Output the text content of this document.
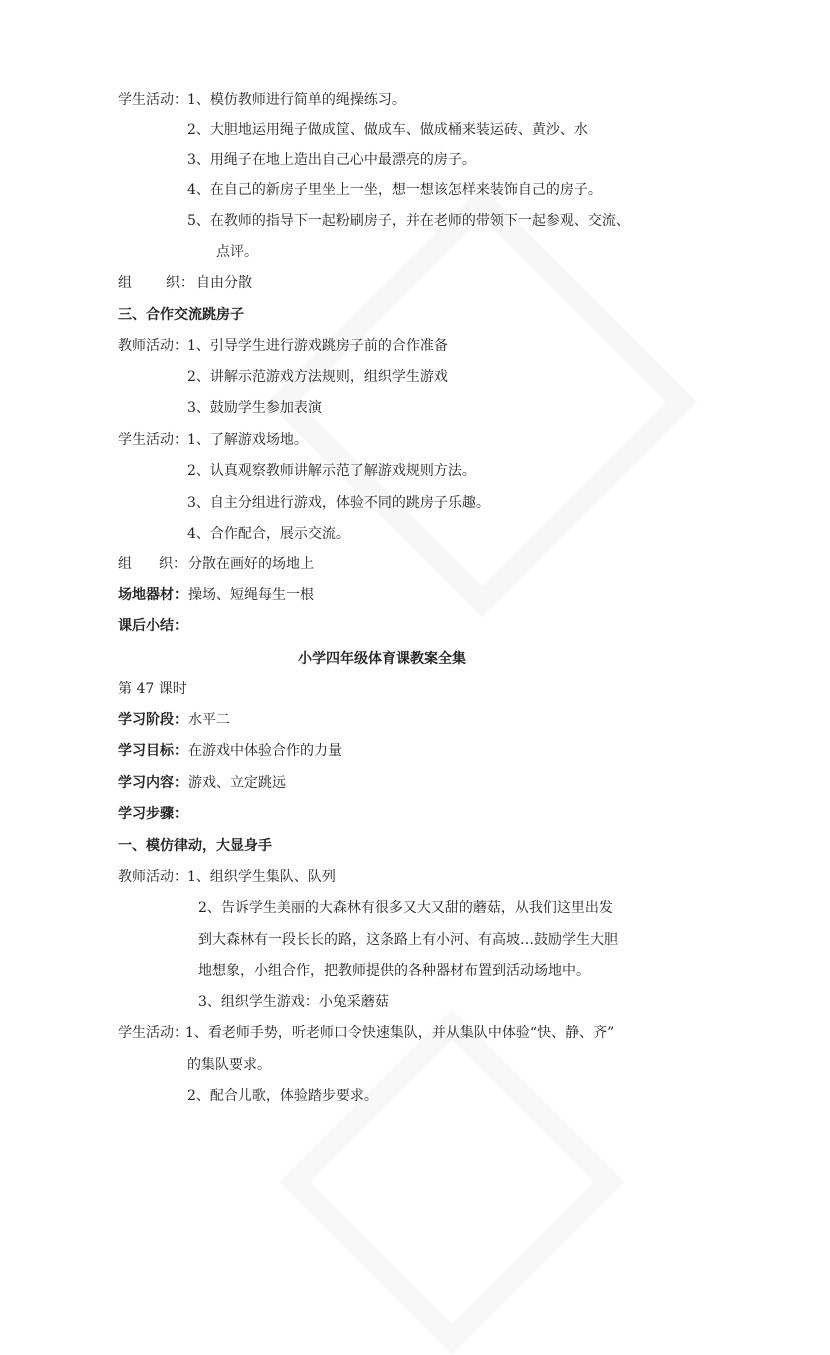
学生活动： 1、模仿教师进行简单的绳操练习。
2、大胆地运用绳子做成筐、做成车、做成桶来装运砖、黄沙、水
3、用绳子在地上造出自己心中最漂亮的房子。
4、在自己的新房子里坐上一坐，想一想该怎样来装饰自己的房子。
5、在教师的指导下一起粉刷房子，并在老师的带领下一起参观、交流、
点评。
组 织： 自由分散
三、合作交流跳房子
教师活动： 1、引导学生进行游戏跳房子前的合作准备
2、讲解示范游戏方法规则，组织学生游戏
3、鼓励学生参加表演
学生活动： 1、了解游戏场地。
2、认真观察教师讲解示范了解游戏规则方法。
3、自主分组进行游戏，体验不同的跳房子乐趣。
4、合作配合，展示交流。
组 织： 分散在画好的场地上
场地器材： 操场、短绳每生一根
课后小结：
小学四年级体育课教案全集
第 47 课时
学习阶段： 水平二
学习目标： 在游戏中体验合作的力量
学习内容： 游戏、立定跳远
学习步骤：
一、模仿律动，大显身手
教师活动： 1、组织学生集队、队列
2、告诉学生美丽的大森林有很多又大又甜的蘑菇，从我们这里出发
到大森林有一段长长的路，这条路上有小河、有高坡…鼓励学生大胆
地想象，小组合作，把教师提供的各种器材布置到活动场地中。
3、组织学生游戏：小兔采蘑菇
学生活动：
1、看老师手势，听老师口令快速集队，并从集队中体验“快、静、齐”
的集队要求。
2、配合儿歌，体验踏步要求。
